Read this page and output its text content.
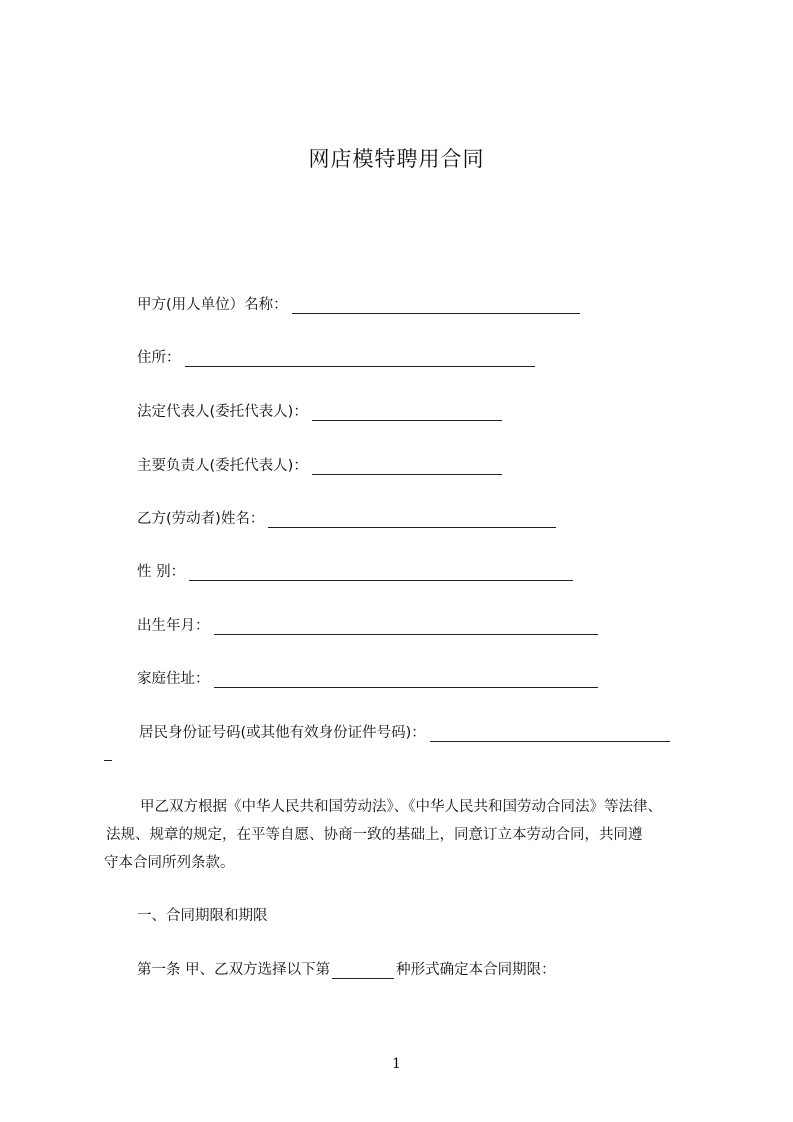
网店模特聘用合同
甲方(用人单位）名称：
住所：
法定代表人(委托代表人)：
主要负责人(委托代表人)：
乙方(劳动者)姓名：
性 别：
出生年月：
家庭住址：
居民身份证号码(或其他有效身份证件号码)：
甲乙双方根据《中华人民共和国劳动法》、《中华人民共和国劳动合同法》等法律、
法规、规章的规定，在平等自愿、协商一致的基础上，同意订立本劳动合同，共同遵
守本合同所列条款。
一、合同期限和期限
第一条 甲、乙双方选择以下第	种形式确定本合同期限：
1
